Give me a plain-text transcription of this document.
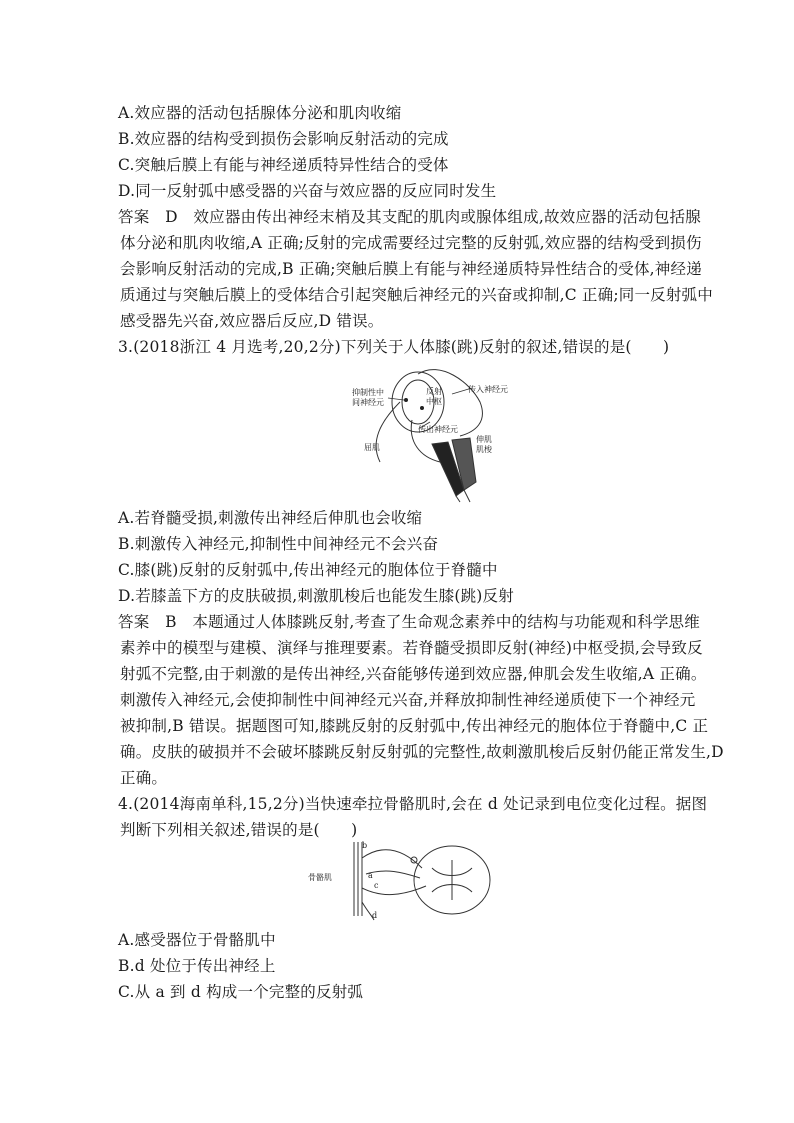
A.效应器的活动包括腺体分泌和肌肉收缩
B.效应器的结构受到损伤会影响反射活动的完成
C.突触后膜上有能与神经递质特异性结合的受体
D.同一反射弧中感受器的兴奋与效应器的反应同时发生
答案　D　效应器由传出神经末梢及其支配的肌肉或腺体组成,故效应器的活动包括腺
体分泌和肌肉收缩,A 正确;反射的完成需要经过完整的反射弧,效应器的结构受到损伤
会影响反射活动的完成,B 正确;突触后膜上有能与神经递质特异性结合的受体,神经递
质通过与突触后膜上的受体结合引起突触后神经元的兴奋或抑制,C 正确;同一反射弧中
感受器先兴奋,效应器后反应,D 错误。
3.(2018浙江 4 月选考,20,2分)下列关于人体膝(跳)反射的叙述,错误的是(　　)
抑制性中
间神经元
反射
中枢
传入神经元
传出神经元
伸肌
肌梭
屈肌
A.若脊髓受损,刺激传出神经后伸肌也会收缩
B.刺激传入神经元,抑制性中间神经元不会兴奋
C.膝(跳)反射的反射弧中,传出神经元的胞体位于脊髓中
D.若膝盖下方的皮肤破损,刺激肌梭后也能发生膝(跳)反射
答案　B　本题通过人体膝跳反射,考查了生命观念素养中的结构与功能观和科学思维
素养中的模型与建模、演绎与推理要素。若脊髓受损即反射(神经)中枢受损,会导致反
射弧不完整,由于刺激的是传出神经,兴奋能够传递到效应器,伸肌会发生收缩,A 正确。
刺激传入神经元,会使抑制性中间神经元兴奋,并释放抑制性神经递质使下一个神经元
被抑制,B 错误。据题图可知,膝跳反射的反射弧中,传出神经元的胞体位于脊髓中,C 正
确。皮肤的破损并不会破坏膝跳反射反射弧的完整性,故刺激肌梭后反射仍能正常发生,D
正确。
4.(2014海南单科,15,2分)当快速牵拉骨骼肌时,会在 d 处记录到电位变化过程。据图
判断下列相关叙述,错误的是(　　)
骨骼肌	a
b
c
d
A.感受器位于骨骼肌中
B.d 处位于传出神经上
C.从 a 到 d 构成一个完整的反射弧
